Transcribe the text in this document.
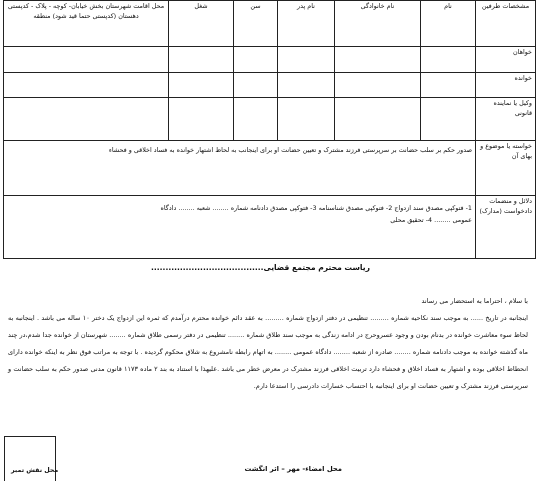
مشخصات طرفین	نام	نام خانوادگی	نام پدر	سن	شغل	محل اقامت شهرستان بخش خیابان- کوچه - پلاک - کدپستی دهستان (کدپستی حتما قید شود) منطقه
خواهان						
خوانده						
وکیل یا نماینده قانونی						
خواسته یا موضوع و بهای آن	صدور حکم بر سلب حضانت بر سرپرستی فرزند مشترک و تعیین حضانت او برای اینجانب به لحاظ اشتهار خوانده به فساد اخلاقی و فحشاء					
دلائل و منضمات دادخواست (مدارک)	1- فتوکپی مصدق سند ازدواج 2- فتوکپی مصدق شناسنامه 3- فتوکپی مصدق دادنامه شماره ........ شعبه ........ دادگاه
عمومی ........ 4- تحقیق محلی					
ریاست محترم مجتمع قضایی.......................................

با سلام ، احتراما به استحضار می رساند

اینجانبه در تاریخ ...... به موجب سند نکاحیه شماره ......... تنظیمی در دفتر ازدواج شماره ......... به عقد دائم خوانده محترم درآمدم که ثمره این ازدواج یک دختر ۱۰ ساله می باشد . اینجانبه به لحاظ سوء معاشرت خوانده در بدنام بودن و وجود عسروحرج در ادامه زندگی به موجب سند طلاق شماره ........ تنظیمی در دفتر رسمی طلاق شماره ........ شهرستان از خوانده جدا شدم،در چند ماه گذشته خوانده به موجب دادنامه شماره ........ صادره از شعبه ........ دادگاه عمومی ........ به اتهام رابطه نامشروع به شلاق محکوم گردیده . با توجه به مراتب فوق نظر به اینکه خوانده دارای انحطاط اخلاقی بوده و اشتهار به فساد اخلاق و فحشاء دارد تربیت اخلاقی فرزند مشترک در معرض خطر می باشد .علیهذا با استناد به بند ۲ ماده ۱۱۷۳ قانون مدنی صدور حکم به سلب حضانت و سرپرستی فرزند مشترک و تعیین حضانت او برای اینجانبه با احتساب خسارات دادرسی را استدعا دارم.

محل نقش تمبر	محل امضاء- مهر – اثر انگشت
